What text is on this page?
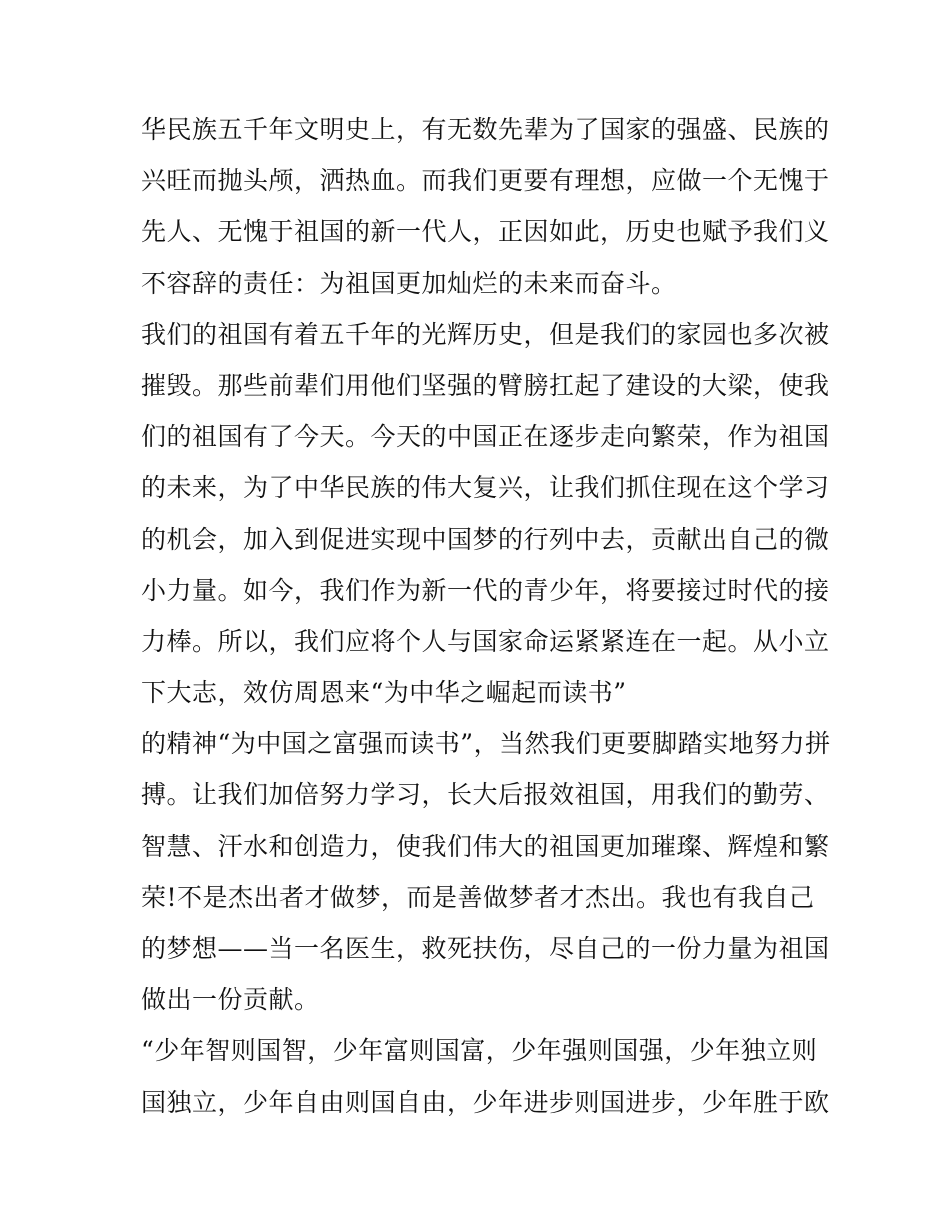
华民族五千年文明史上，有无数先辈为了国家的强盛、民族的
兴旺而抛头颅，洒热血。而我们更要有理想，应做一个无愧于
先人、无愧于祖国的新一代人，正因如此，历史也赋予我们义
不容辞的责任：为祖国更加灿烂的未来而奋斗。
我们的祖国有着五千年的光辉历史，但是我们的家园也多次被
摧毁。那些前辈们用他们坚强的臂膀扛起了建设的大梁，使我
们的祖国有了今天。今天的中国正在逐步走向繁荣，作为祖国
的未来，为了中华民族的伟大复兴，让我们抓住现在这个学习
的机会，加入到促进实现中国梦的行列中去，贡献出自己的微
小力量。如今，我们作为新一代的青少年，将要接过时代的接
力棒。所以，我们应将个人与国家命运紧紧连在一起。从小立
下大志，效仿周恩来“为中华之崛起而读书”
的精神“为中国之富强而读书”，当然我们更要脚踏实地努力拼
搏。让我们加倍努力学习，长大后报效祖国，用我们的勤劳、
智慧、汗水和创造力，使我们伟大的祖国更加璀璨、辉煌和繁
荣!不是杰出者才做梦，而是善做梦者才杰出。我也有我自己
的梦想——当一名医生，救死扶伤，尽自己的一份力量为祖国
做出一份贡献。
“少年智则国智，少年富则国富，少年强则国强，少年独立则
国独立，少年自由则国自由，少年进步则国进步，少年胜于欧
